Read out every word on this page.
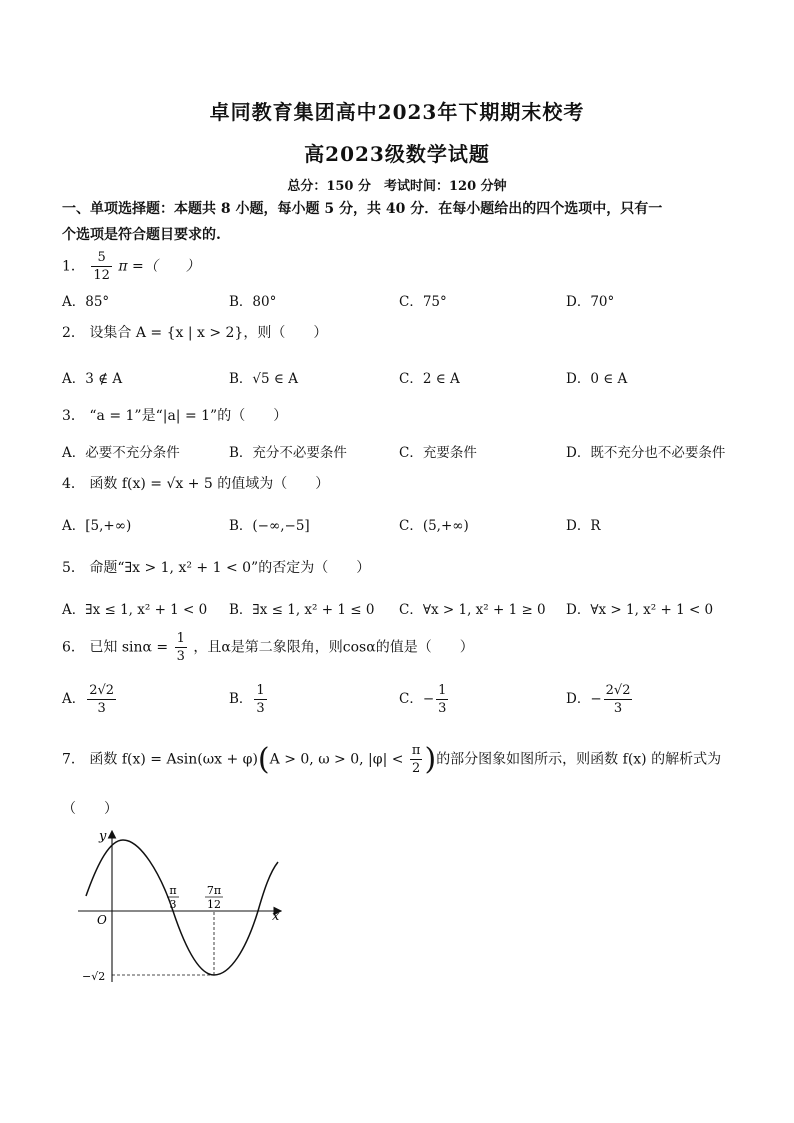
卓同教育集团高中2023年下期期末校考
高2023级数学试题
总分：150 分　考试时间：120 分钟
一、单项选择题：本题共 8 小题，每小题 5 分，共 40 分．在每小题给出的四个选项中，只有一
个选项是符合题目要求的.
1． $\frac{5}{12}$ π =（　　）
A．85°	B．80°	C．75°	D．70°
2． 设集合 A = {x | x > 2}，则（　　）
A．3 ∉ A	B．√5 ∈ A	C．2 ∈ A	D．0 ∈ A
3． “a = 1”是“|a| = 1”的（　　）
A．必要不充分条件	B．充分不必要条件	C．充要条件	D．既不充分也不必要条件
4． 函数 f(x) = √x + 5 的值域为（　　）
A．[5,+∞)	B．(−∞,−5]	C．(5,+∞)	D．R
5． 命题“∃x > 1, x² + 1 < 0”的否定为（　　）
A．∃x ≤ 1, x² + 1 < 0 B．∃x ≤ 1, x² + 1 ≤ 0 C．∀x > 1, x² + 1 ≥ 0 D．∀x > 1, x² + 1 < 0
6． 已知 $\sin\alpha = \frac{1}{3}$ ，且α是第二象限角，则cosα的值是（　　）
A． $\frac{2√2}{3}$	B． $\frac{1}{3}$	C．− $\frac{1}{3}$	D．− $\frac{2√2}{3}$
7． 函数 f(x) = Asin(ωx + φ)(A > 0, ω > 0, $|\varphi| < \frac{\pi}{2}$ )的部分图象如图所示，则函数 f(x) 的解析式为
（　　）
y
x
O
π
3
7π
12
−√2
